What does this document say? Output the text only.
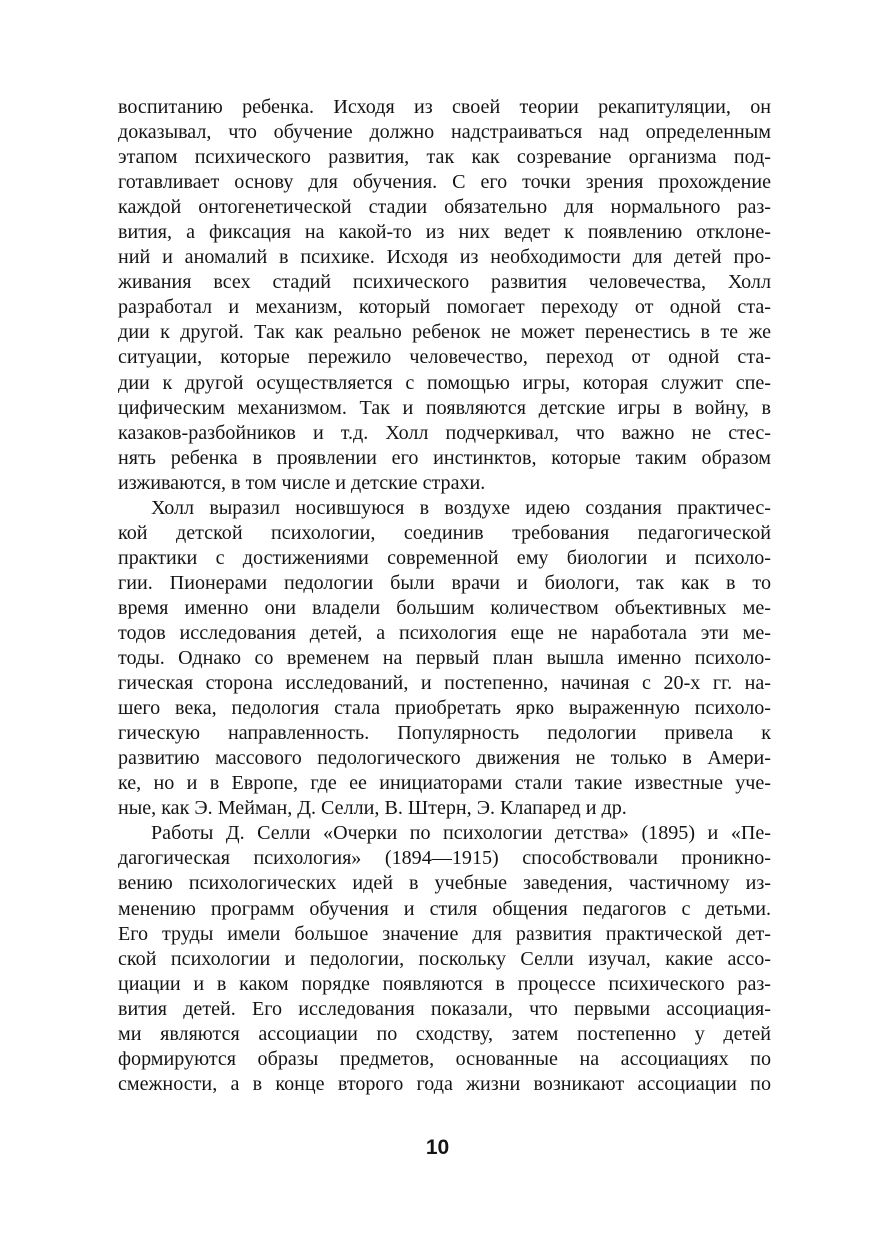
воспитанию ребенка. Исходя из своей теории рекапитуляции, он
доказывал, что обучение должно надстраиваться над определенным
этапом психического развития, так как созревание организма под-
готавливает основу для обучения. С его точки зрения прохождение
каждой онтогенетической стадии обязательно для нормального раз-
вития, а фиксация на какой-то из них ведет к появлению отклоне-
ний и аномалий в психике. Исходя из необходимости для детей про-
живания всех стадий психического развития человечества, Холл
разработал и механизм, который помогает переходу от одной ста-
дии к другой. Так как реально ребенок не может перенестись в те же
ситуации, которые пережило человечество, переход от одной ста-
дии к другой осуществляется с помощью игры, которая служит спе-
цифическим механизмом. Так и появляются детские игры в войну, в
казаков-разбойников и т.д. Холл подчеркивал, что важно не стес-
нять ребенка в проявлении его инстинктов, которые таким образом
изживаются, в том числе и детские страхи.
Холл выразил носившуюся в воздухе идею создания практичес-
кой детской психологии, соединив требования педагогической
практики с достижениями современной ему биологии и психоло-
гии. Пионерами педологии были врачи и биологи, так как в то
время именно они владели большим количеством объективных ме-
тодов исследования детей, а психология еще не наработала эти ме-
тоды. Однако со временем на первый план вышла именно психоло-
гическая сторона исследований, и постепенно, начиная с 20-х гг. на-
шего века, педология стала приобретать ярко выраженную психоло-
гическую направленность. Популярность педологии привела к
развитию массового педологического движения не только в Амери-
ке, но и в Европе, где ее инициаторами стали такие известные уче-
ные, как Э. Мейман, Д. Селли, В. Штерн, Э. Клапаред и др.
Работы Д. Селли «Очерки по психологии детства» (1895) и «Пе-
дагогическая психология» (1894—1915) способствовали проникно-
вению психологических идей в учебные заведения, частичному из-
менению программ обучения и стиля общения педагогов с детьми.
Его труды имели большое значение для развития практической дет-
ской психологии и педологии, поскольку Селли изучал, какие ассо-
циации и в каком порядке появляются в процессе психического раз-
вития детей. Его исследования показали, что первыми ассоциация-
ми являются ассоциации по сходству, затем постепенно у детей
формируются образы предметов, основанные на ассоциациях по
смежности, а в конце второго года жизни возникают ассоциации по
10
